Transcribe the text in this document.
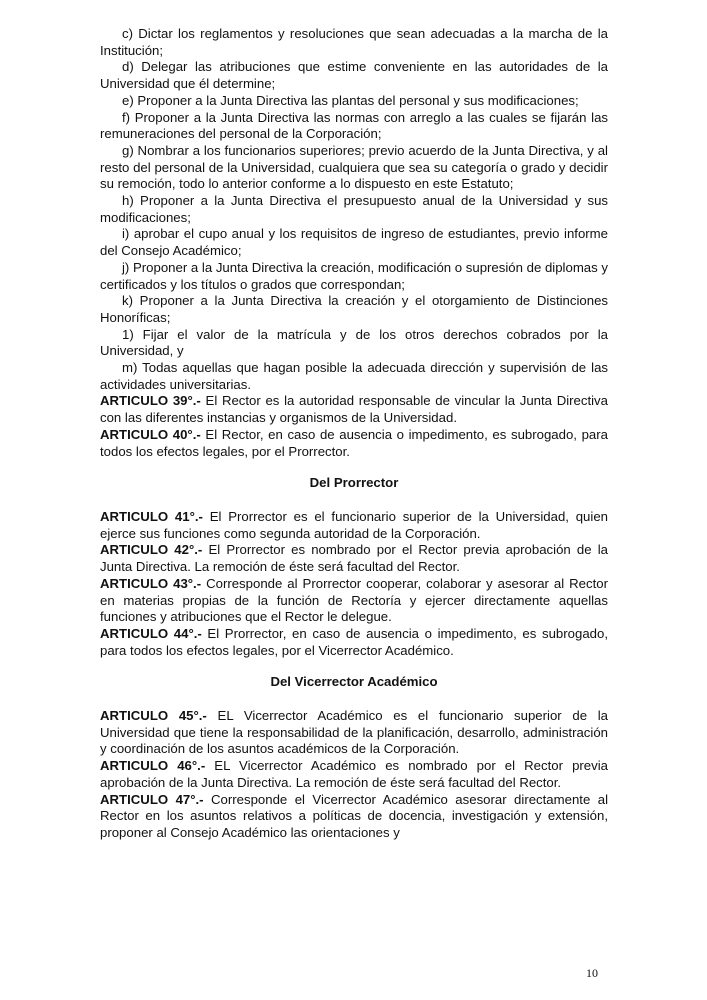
c) Dictar los reglamentos y resoluciones que sean adecuadas a la marcha de la Institución;

d) Delegar las atribuciones que estime conveniente en las autoridades de la Universidad que él determine;

e) Proponer a la Junta Directiva las plantas del personal y sus modificaciones;

f) Proponer a la Junta Directiva las normas con arreglo a las cuales se fijarán las remuneraciones del personal de la Corporación;

g) Nombrar a los funcionarios superiores; previo acuerdo de la Junta Directiva, y al resto del personal de la Universidad, cualquiera que sea su categoría o grado y decidir su remoción, todo lo anterior conforme a lo dispuesto en este Estatuto;

h) Proponer a la Junta Directiva el presupuesto anual de la Universidad y sus modificaciones;

i) aprobar el cupo anual y los requisitos de ingreso de estudiantes, previo informe del Consejo Académico;

j) Proponer a la Junta Directiva la creación, modificación o supresión de diplomas y certificados y los títulos o grados que correspondan;

k) Proponer a la Junta Directiva la creación y el otorgamiento de Distinciones Honoríficas;

1) Fijar el valor de la matrícula y de los otros derechos cobrados por la Universidad, y

m) Todas aquellas que hagan posible la adecuada dirección y supervisión de las actividades universitarias.

ARTICULO 39°.- El Rector es la autoridad responsable de vincular la Junta Directiva con las diferentes instancias y organismos de la Universidad.

ARTICULO 40°.- El Rector, en caso de ausencia o impedimento, es subrogado, para todos los efectos legales, por el Prorrector.

Del Prorrector

ARTICULO 41°.- El Prorrector es el funcionario superior de la Universidad, quien ejerce sus funciones como segunda autoridad de la Corporación.

ARTICULO 42°.- El Prorrector es nombrado por el Rector previa aprobación de la Junta Directiva. La remoción de éste será facultad del Rector.

ARTICULO 43°.- Corresponde al Prorrector cooperar, colaborar y asesorar al Rector en materias propias de la función de Rectoría y ejercer directamente aquellas funciones y atribuciones que el Rector le delegue.

ARTICULO 44°.- El Prorrector, en caso de ausencia o impedimento, es subrogado, para todos los efectos legales, por el Vicerrector Académico.

Del Vicerrector Académico

ARTICULO 45°.- EL Vicerrector Académico es el funcionario superior de la Universidad que tiene la responsabilidad de la planificación, desarrollo, administración y coordinación de los asuntos académicos de la Corporación.

ARTICULO 46°.- EL Vicerrector Académico es nombrado por el Rector previa aprobación de la Junta Directiva. La remoción de éste será facultad del Rector.

ARTICULO 47°.- Corresponde el Vicerrector Académico asesorar directamente al Rector en los asuntos relativos a políticas de docencia, investigación y extensión, proponer al Consejo Académico las orientaciones y

10
